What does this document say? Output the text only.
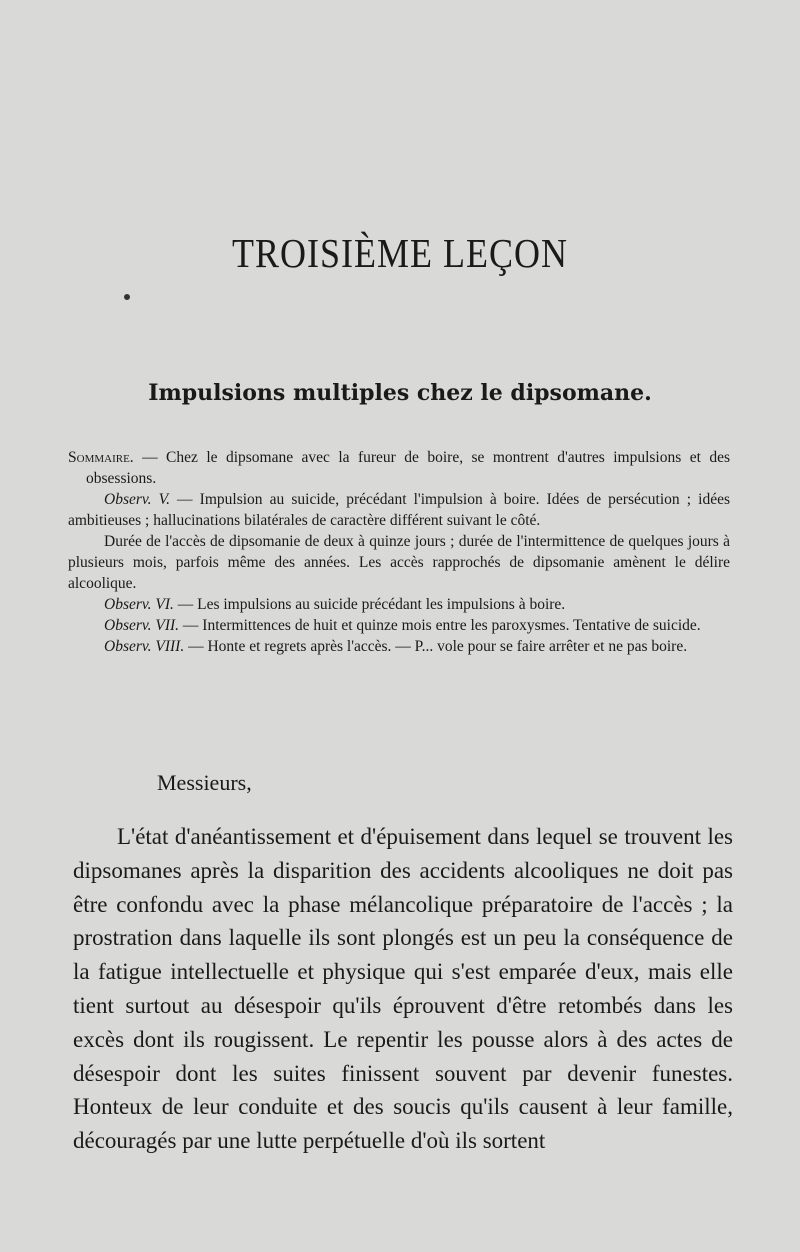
TROISIÈME LEÇON
Impulsions multiples chez le dipsomane.

Sommaire. — Chez le dipsomane avec la fureur de boire, se montrent d'autres impulsions et des obsessions.

Observ. V. — Impulsion au suicide, précédant l'impulsion à boire. Idées de persécution ; idées ambitieuses ; hallucinations bilatérales de caractère différent suivant le côté.

Durée de l'accès de dipsomanie de deux à quinze jours ; durée de l'intermittence de quelques jours à plusieurs mois, parfois même des années. Les accès rapprochés de dipsomanie amènent le délire alcoolique.

Observ. VI. — Les impulsions au suicide précédant les impulsions à boire.

Observ. VII. — Intermittences de huit et quinze mois entre les paroxysmes. Tentative de suicide.

Observ. VIII. — Honte et regrets après l'accès. — P... vole pour se faire arrêter et ne pas boire.

Messieurs,

L'état d'anéantissement et d'épuisement dans lequel se trouvent les dipsomanes après la disparition des accidents alcooliques ne doit pas être confondu avec la phase mélancolique préparatoire de l'accès ; la prostration dans laquelle ils sont plongés est un peu la conséquence de la fatigue intellectuelle et physique qui s'est emparée d'eux, mais elle tient surtout au désespoir qu'ils éprouvent d'être retombés dans les excès dont ils rougissent. Le repentir les pousse alors à des actes de désespoir dont les suites finissent souvent par devenir funestes. Honteux de leur conduite et des soucis qu'ils causent à leur famille, découragés par une lutte perpétuelle d'où ils sortent
